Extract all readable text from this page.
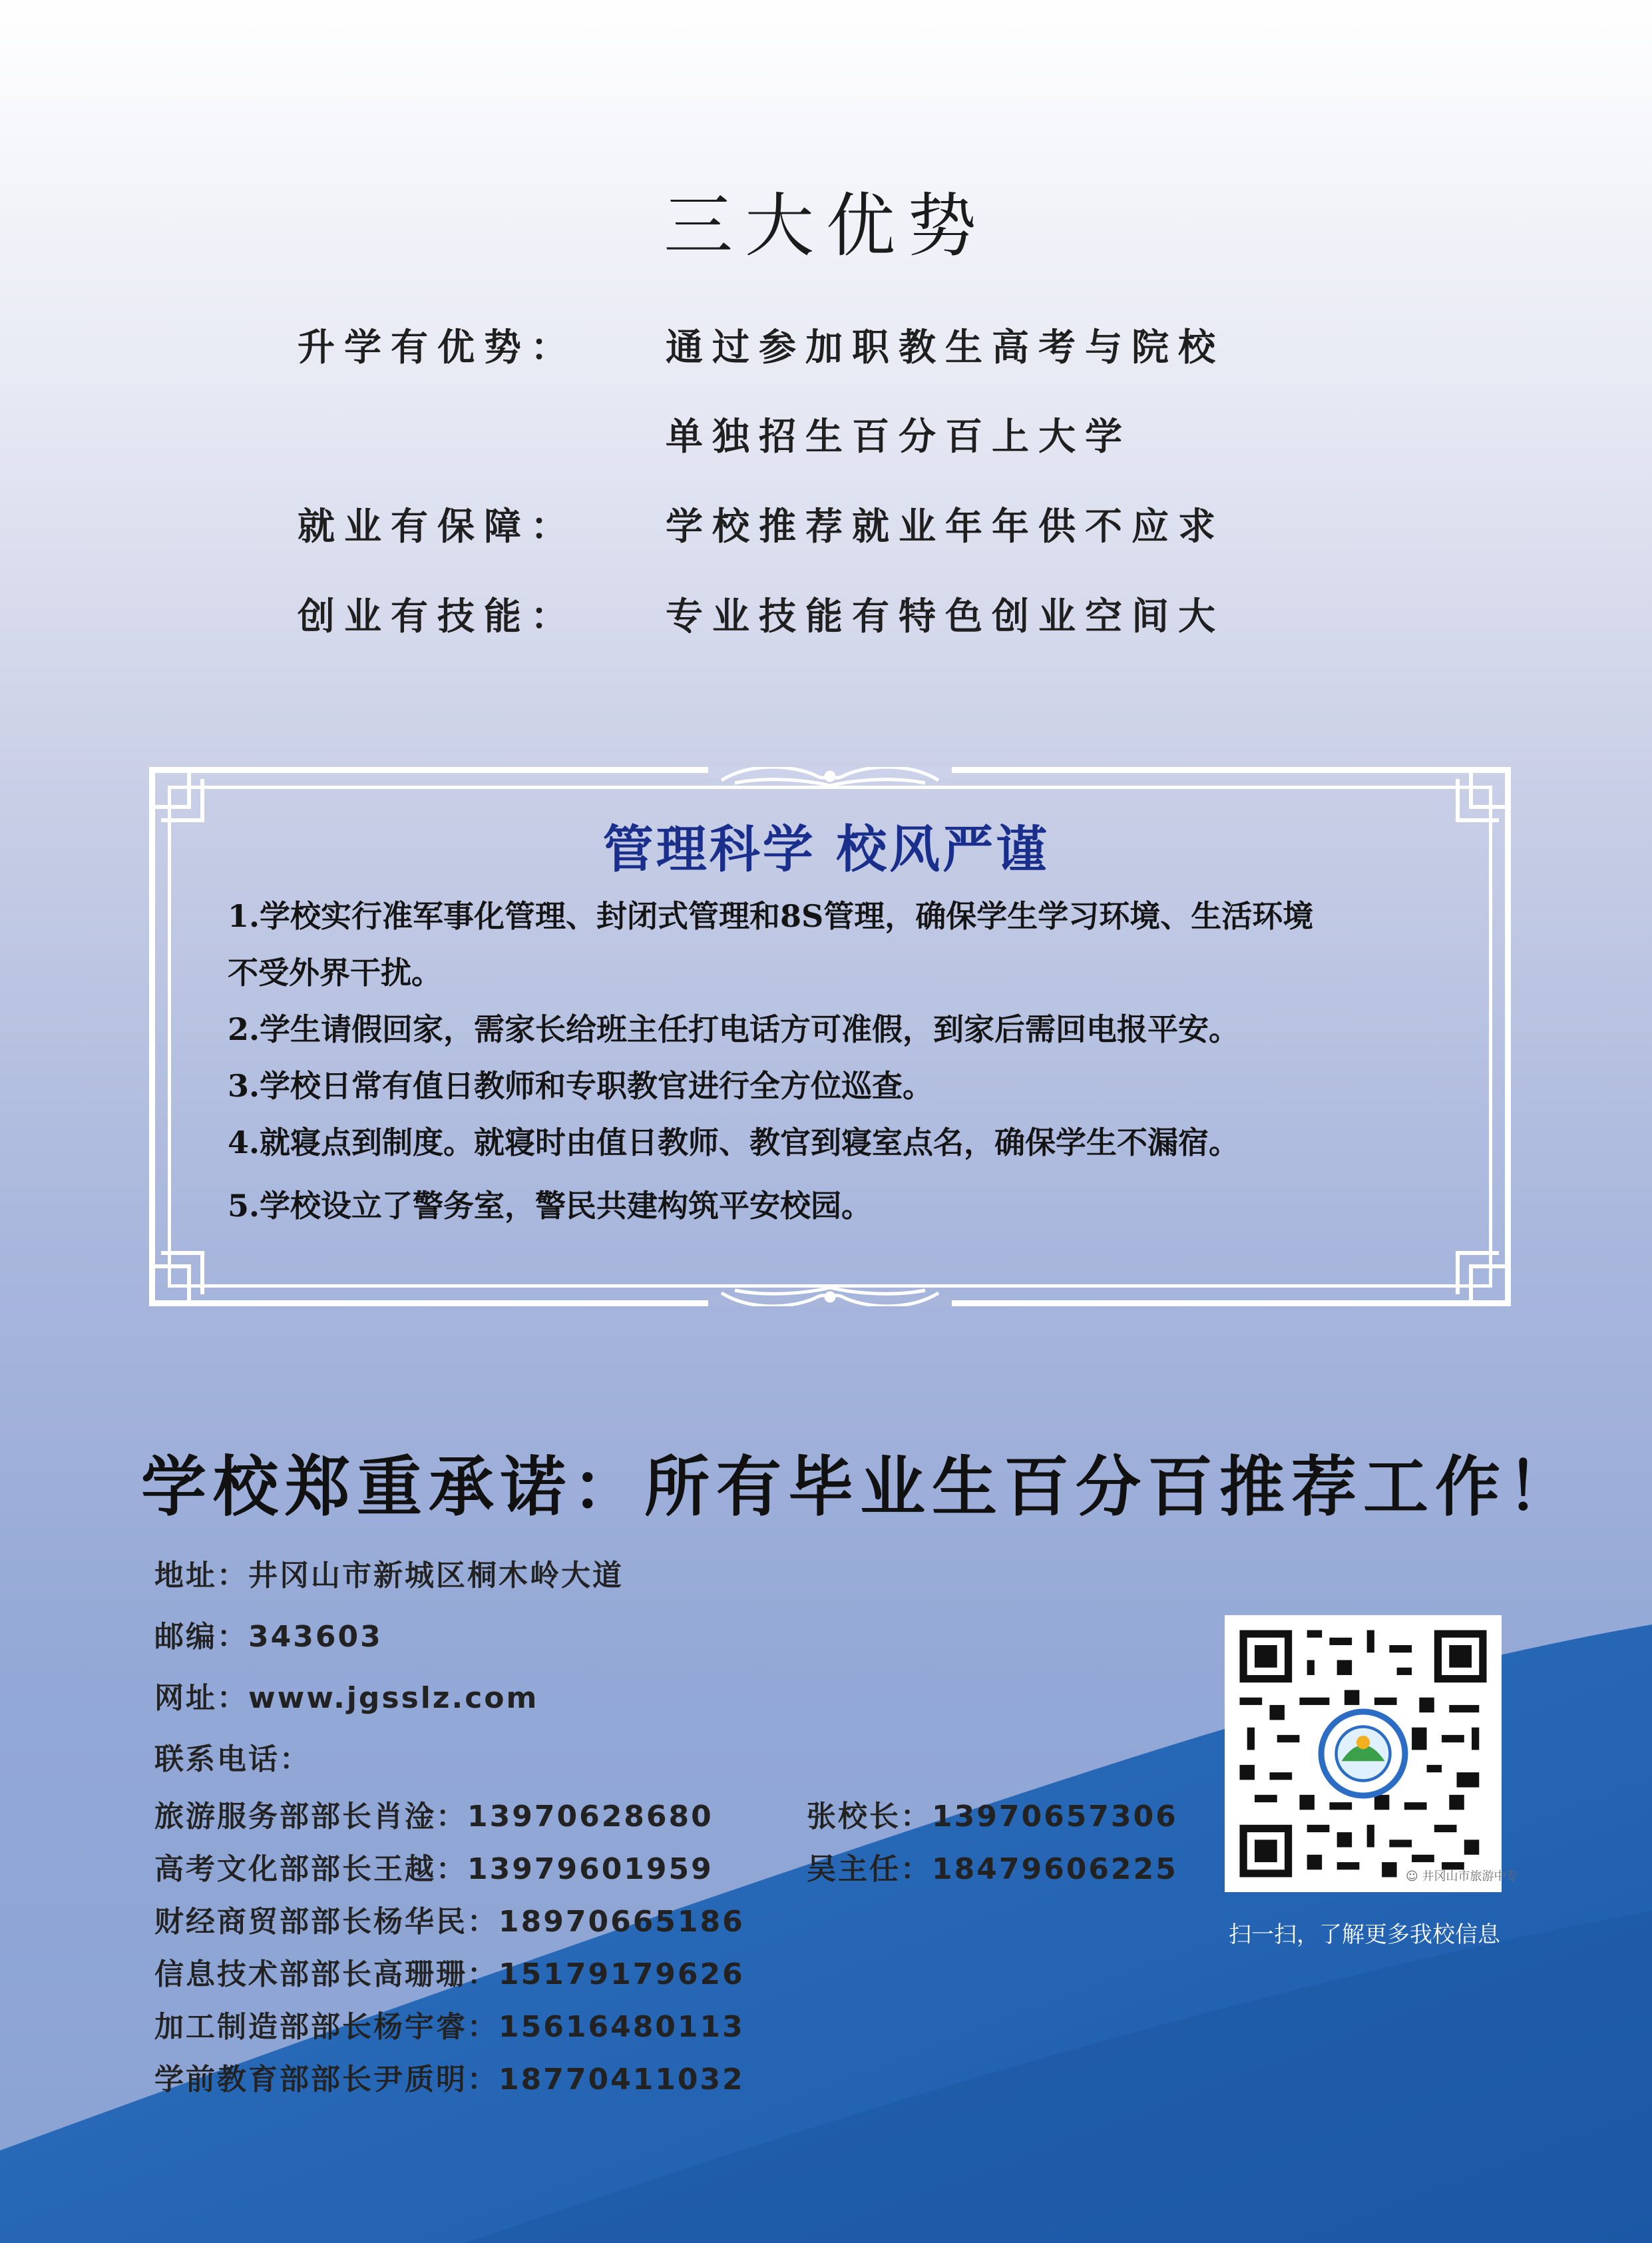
三大优势
升学有优势： 通过参加职教生高考与院校
单独招生百分百上大学
就业有保障： 学校推荐就业年年供不应求
创业有技能： 专业技能有特色创业空间大
管理科学 校风严谨
1.学校实行准军事化管理、封闭式管理和8S管理，确保学生学习环境、生活环境
不受外界干扰。
2.学生请假回家，需家长给班主任打电话方可准假，到家后需回电报平安。
3.学校日常有值日教师和专职教官进行全方位巡查。
4.就寝点到制度。就寝时由值日教师、教官到寝室点名，确保学生不漏宿。
5.学校设立了警务室，警民共建构筑平安校园。
学校郑重承诺：所有毕业生百分百推荐工作！
地址：井冈山市新城区桐木岭大道
邮编：343603
网址：www.jgsslz.com
联系电话：
旅游服务部部长肖淦：13970628680
高考文化部部长王越：13979601959
财经商贸部部长杨华民：18970665186
信息技术部部长高珊珊：15179179626
加工制造部部长杨宇睿：15616480113
学前教育部部长尹质明：18770411032
张校长：13970657306
吴主任：18479606225	☺ 井冈山市旅游中专
扫一扫，了解更多我校信息
